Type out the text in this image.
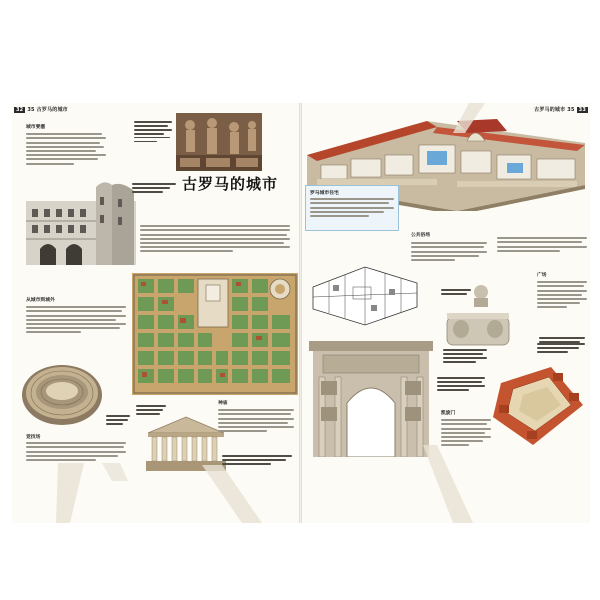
32 35 古罗马的城市
城市要塞
古罗马的城市
从城市到城外
竞技场
神庙
古罗马的城市 35 33
罗马城市住宅
公共浴场
广场
凯旋门
